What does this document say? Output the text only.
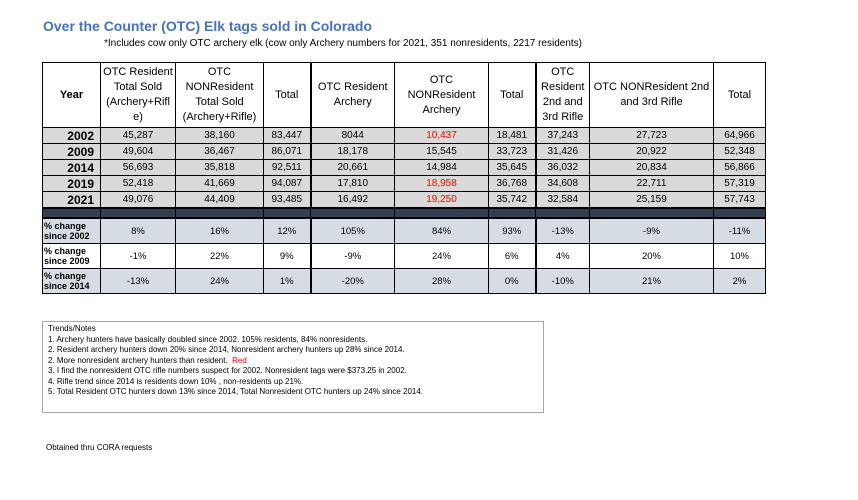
Over the Counter (OTC) Elk tags sold in Colorado
*Includes cow only OTC archery elk (cow only Archery numbers for 2021, 351 nonresidents, 2217 residents)
Year	OTC Resident Total Sold (Archery+Rifl e)	OTC NONResident Total Sold (Archery+Rifle)	Total	OTC Resident Archery	OTC NONResident Archery	Total	OTC Resident 2nd and 3rd Rifle	OTC NONResident 2nd and 3rd Rifle	Total
2002	45,287	38,160	83,447	8044	10,437	18,481	37,243	27,723	64,966
2009	49,604	36,467	86,071	18,178	15,545	33,723	31,426	20,922	52,348
2014	56,693	35,818	92,511	20,661	14,984	35,645	36,032	20,834	56,866
2019	52,418	41,669	94,087	17,810	18,958	36,768	34,608	22,711	57,319
2021	49,076	44,409	93,485	16,492	19,250	35,742	32,584	25,159	57,743

% change since 2002	8%	16%	12%	105%	84%	93%	-13%	-9%	-11%
% change since 2009	-1%	22%	9%	-9%	24%	6%	4%	20%	10%
% change since 2014	-13%	24%	1%	-20%	28%	0%	-10%	21%	2%
Trends/Notes
1. Archery hunters have basically doubled since 2002. 105% residents, 84% nonresidents.
2. Resident archery hunters down 20% since 2014, Nonresident archery hunters up 28% since 2014.
2. More nonresident archery hunters than resident. Red
3. I find the nonresident OTC rifle numbers suspect for 2002. Nonresident tags were $373.25 in 2002.
4. Rifle trend since 2014 is residents down 10% , non-residents up 21%.
5. Total Resident OTC hunters down 13% since 2014, Total Nonresident OTC hunters up 24% since 2014.
Obtained thru CORA requests
